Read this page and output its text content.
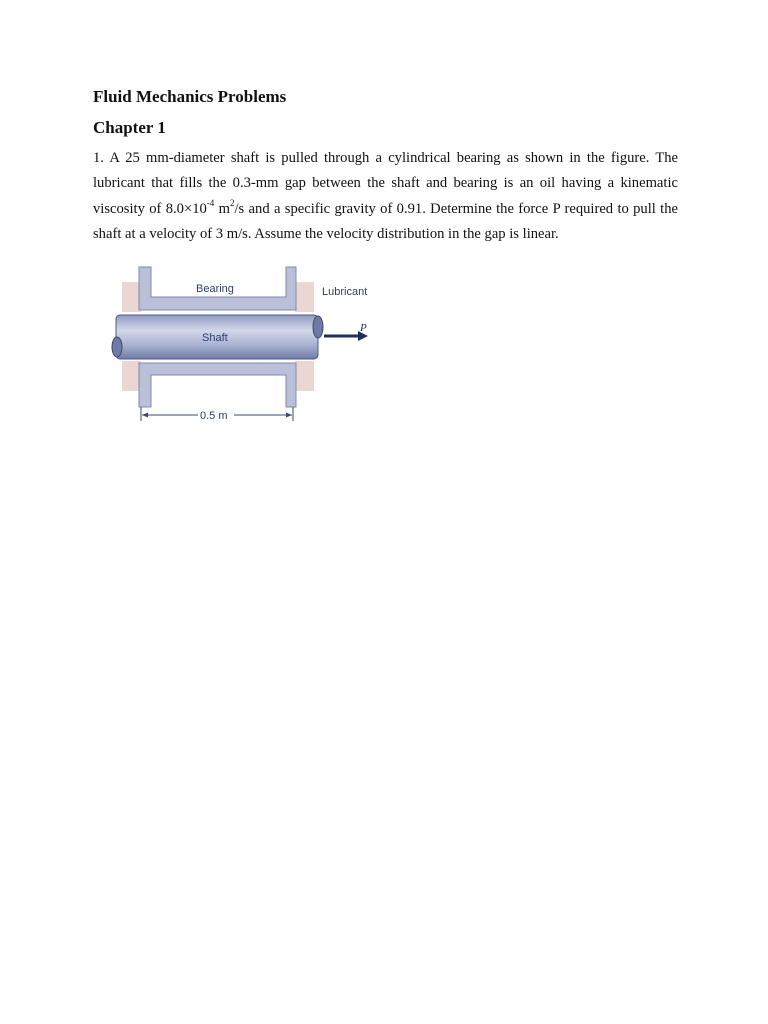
Fluid Mechanics Problems
Chapter 1

1. A 25 mm-diameter shaft is pulled through a cylindrical bearing as shown in the figure. The lubricant that fills the 0.3-mm gap between the shaft and bearing is an oil having a kinematic viscosity of $8.0\times 10^{-4}$ $m^2/s$ and a specific gravity of 0.91. Determine the force P required to pull the shaft at a velocity of 3 m/s. Assume the velocity distribution in the gap is linear.

Bearing	Lubricant
Shaft
P
0.5 m
